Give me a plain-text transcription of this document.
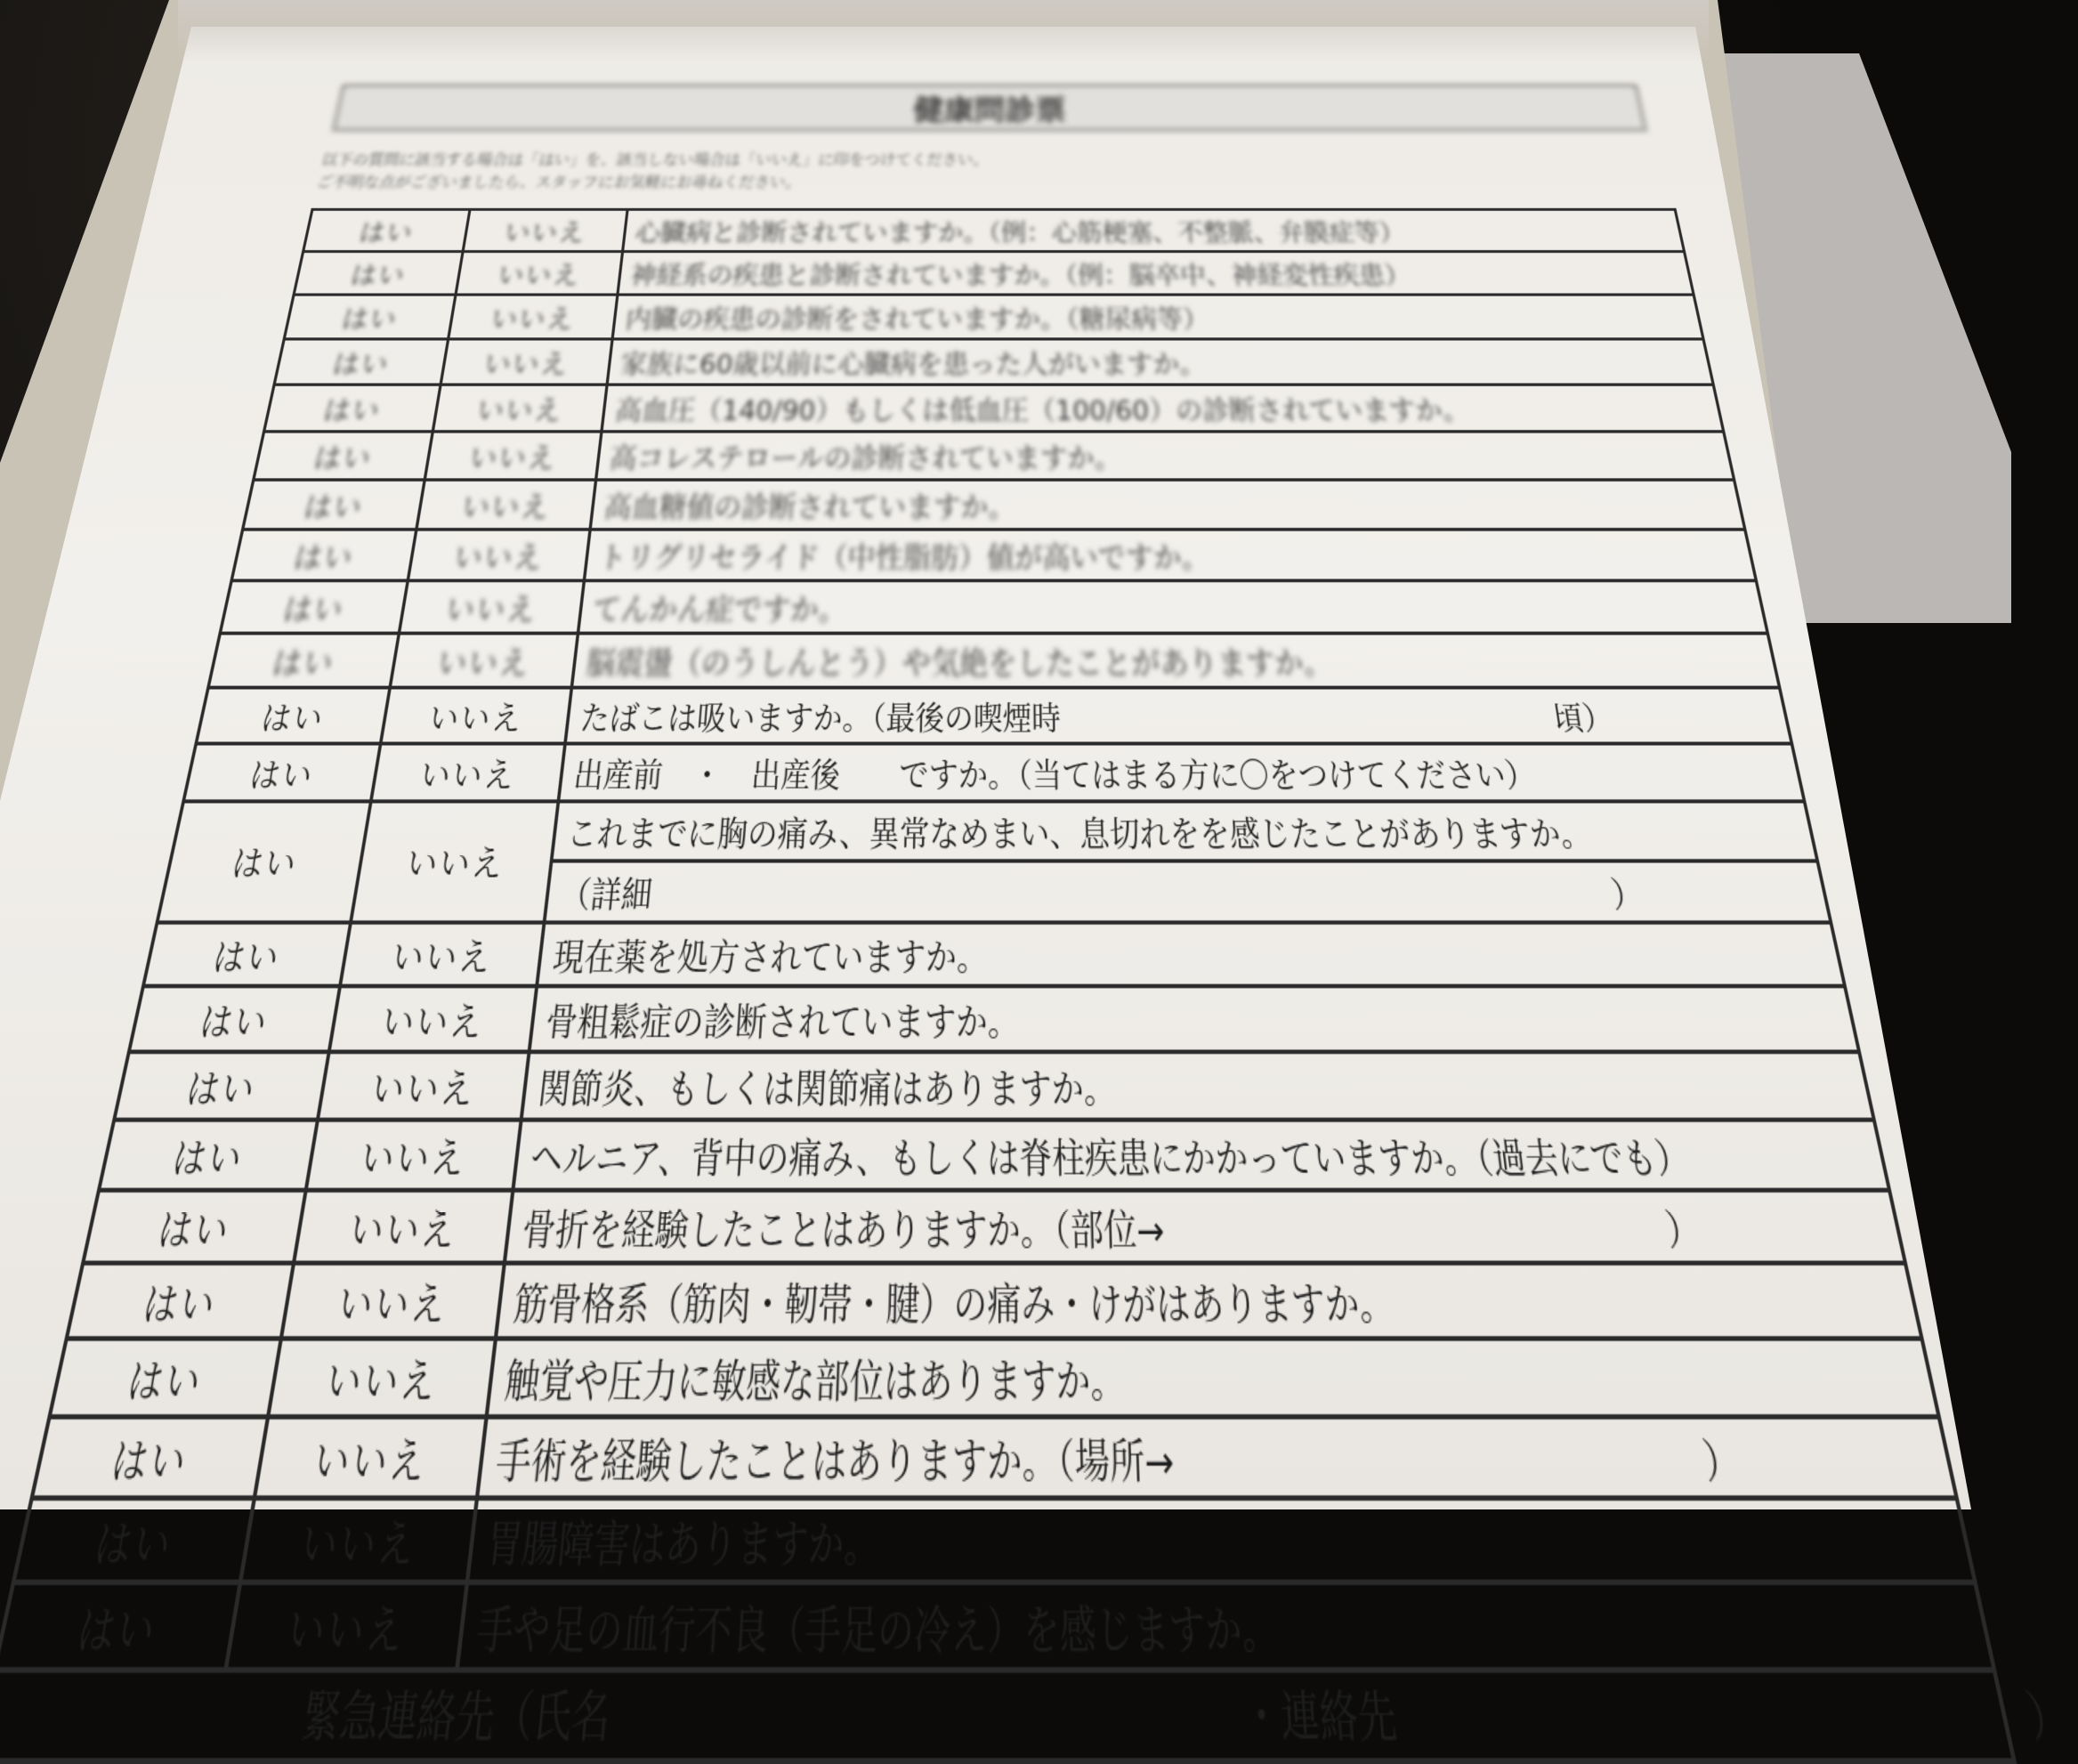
健康問診票
以下の質問に該当する場合は「はい」を、該当しない場合は「いいえ」に印をつけてください。
ご不明な点がございましたら、スタッフにお気軽にお尋ねください。
はい	いいえ	心臓病と診断されていますか。（例：心筋梗塞、不整脈、弁膜症等）
はい	いいえ	神経系の疾患と診断されていますか。（例：脳卒中、神経変性疾患）
はい	いいえ	内臓の疾患の診断をされていますか。（糖尿病等）
はい	いいえ	家族に60歳以前に心臓病を患った人がいますか。
はい	いいえ	高血圧（140/90）もしくは低血圧（100/60）の診断されていますか。
はい	いいえ	高コレステロールの診断されていますか。
はい	いいえ	高血糖値の診断されていますか。
はい	いいえ	トリグリセライド（中性脂肪）値が高いですか。
はい	いいえ	てんかん症ですか。
はい	いいえ	脳震盪（のうしんとう）や気絶をしたことがありますか。
はい	いいえ	たばこは吸いますか。（最後の喫煙時 頃）

はい	いいえ	出産前　・　出産後　　ですか。（当てはまる方に〇をつけてください）
はい	いいえ	これまでに胸の痛み、異常なめまい、息切れをを感じたことがありますか。

		（詳細 ）

はい	いいえ	現在薬を処方されていますか。
はい	いいえ	骨粗鬆症の診断されていますか。
はい	いいえ	関節炎、もしくは関節痛はありますか。
はい	いいえ	ヘルニア、背中の痛み、もしくは脊柱疾患にかかっていますか。（過去にでも）
はい	いいえ	骨折を経験したことはありますか。（部位→ ）

はい	いいえ	筋骨格系（筋肉・靭帯・腱）の痛み・けがはありますか。
はい	いいえ	触覚や圧力に敏感な部位はありますか。
はい	いいえ	手術を経験したことはありますか。（場所→ ）

はい	いいえ	胃腸障害はありますか。
はい	いいえ	手や足の血行不良（手足の冷え）を感じますか。

緊急連絡先（氏名 ・連絡先 ）		
